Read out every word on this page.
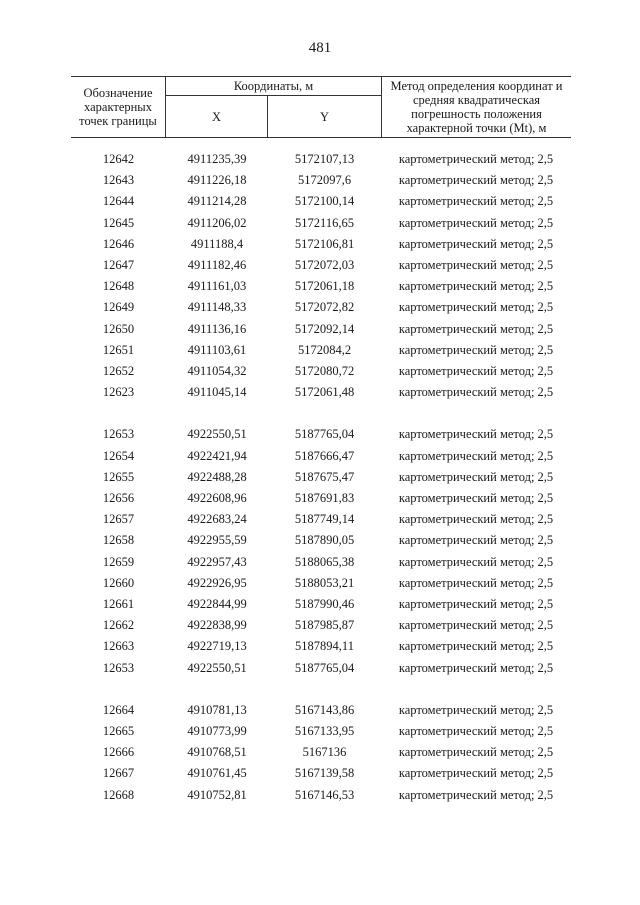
481
Обозначение характерных точек границы
Координаты, м
X	Y
Метод определения координат и средняя квадратическая погрешность положения характерной точки (Mt), м
12642	4911235,39	5172107,13	картометрический метод; 2,5
12643	4911226,18	5172097,6	картометрический метод; 2,5
12644	4911214,28	5172100,14	картометрический метод; 2,5
12645	4911206,02	5172116,65	картометрический метод; 2,5
12646	4911188,4	5172106,81	картометрический метод; 2,5
12647	4911182,46	5172072,03	картометрический метод; 2,5
12648	4911161,03	5172061,18	картометрический метод; 2,5
12649	4911148,33	5172072,82	картометрический метод; 2,5
12650	4911136,16	5172092,14	картометрический метод; 2,5
12651	4911103,61	5172084,2	картометрический метод; 2,5
12652	4911054,32	5172080,72	картометрический метод; 2,5
12623	4911045,14	5172061,48	картометрический метод; 2,5
12653	4922550,51	5187765,04	картометрический метод; 2,5
12654	4922421,94	5187666,47	картометрический метод; 2,5
12655	4922488,28	5187675,47	картометрический метод; 2,5
12656	4922608,96	5187691,83	картометрический метод; 2,5
12657	4922683,24	5187749,14	картометрический метод; 2,5
12658	4922955,59	5187890,05	картометрический метод; 2,5
12659	4922957,43	5188065,38	картометрический метод; 2,5
12660	4922926,95	5188053,21	картометрический метод; 2,5
12661	4922844,99	5187990,46	картометрический метод; 2,5
12662	4922838,99	5187985,87	картометрический метод; 2,5
12663	4922719,13	5187894,11	картометрический метод; 2,5
12653	4922550,51	5187765,04	картометрический метод; 2,5
12664	4910781,13	5167143,86	картометрический метод; 2,5
12665	4910773,99	5167133,95	картометрический метод; 2,5
12666	4910768,51	5167136	картометрический метод; 2,5
12667	4910761,45	5167139,58	картометрический метод; 2,5
12668	4910752,81	5167146,53	картометрический метод; 2,5
